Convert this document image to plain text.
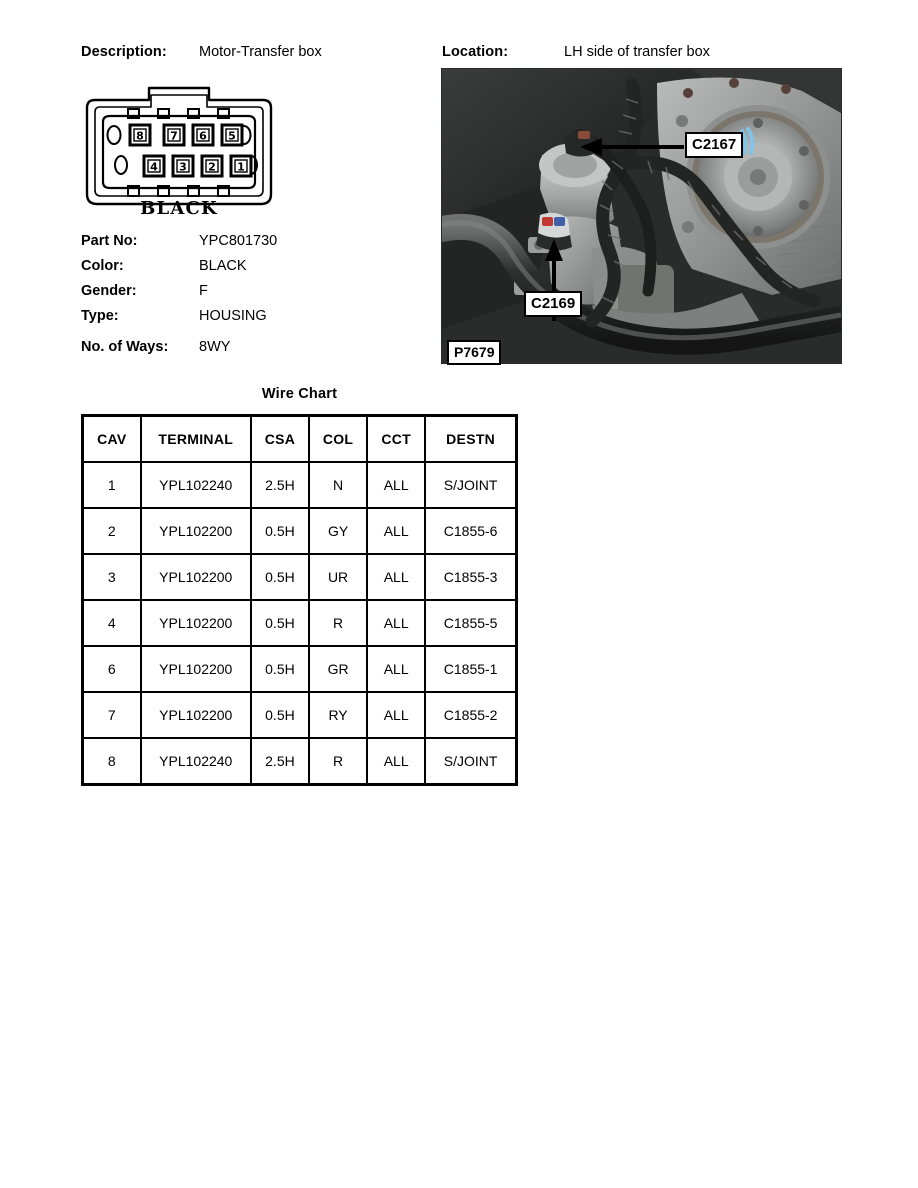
Description:	Motor-Transfer box	Location:	LH side of transfer box
8 7 6 5
4 3 2 1
BLACK
Part No:	YPC801730
Color:	BLACK
Gender:	F
Type:	HOUSING
No. of Ways:	8WY
C2167
C2169
P7679
Wire Chart
CAV	TERMINAL	CSA	COL	CCT	DESTN
1	YPL102240	2.5H	N	ALL	S/JOINT
2	YPL102200	0.5H	GY	ALL	C1855-6
3	YPL102200	0.5H	UR	ALL	C1855-3
4	YPL102200	0.5H	R	ALL	C1855-5
6	YPL102200	0.5H	GR	ALL	C1855-1
7	YPL102200	0.5H	RY	ALL	C1855-2
8	YPL102240	2.5H	R	ALL	S/JOINT
